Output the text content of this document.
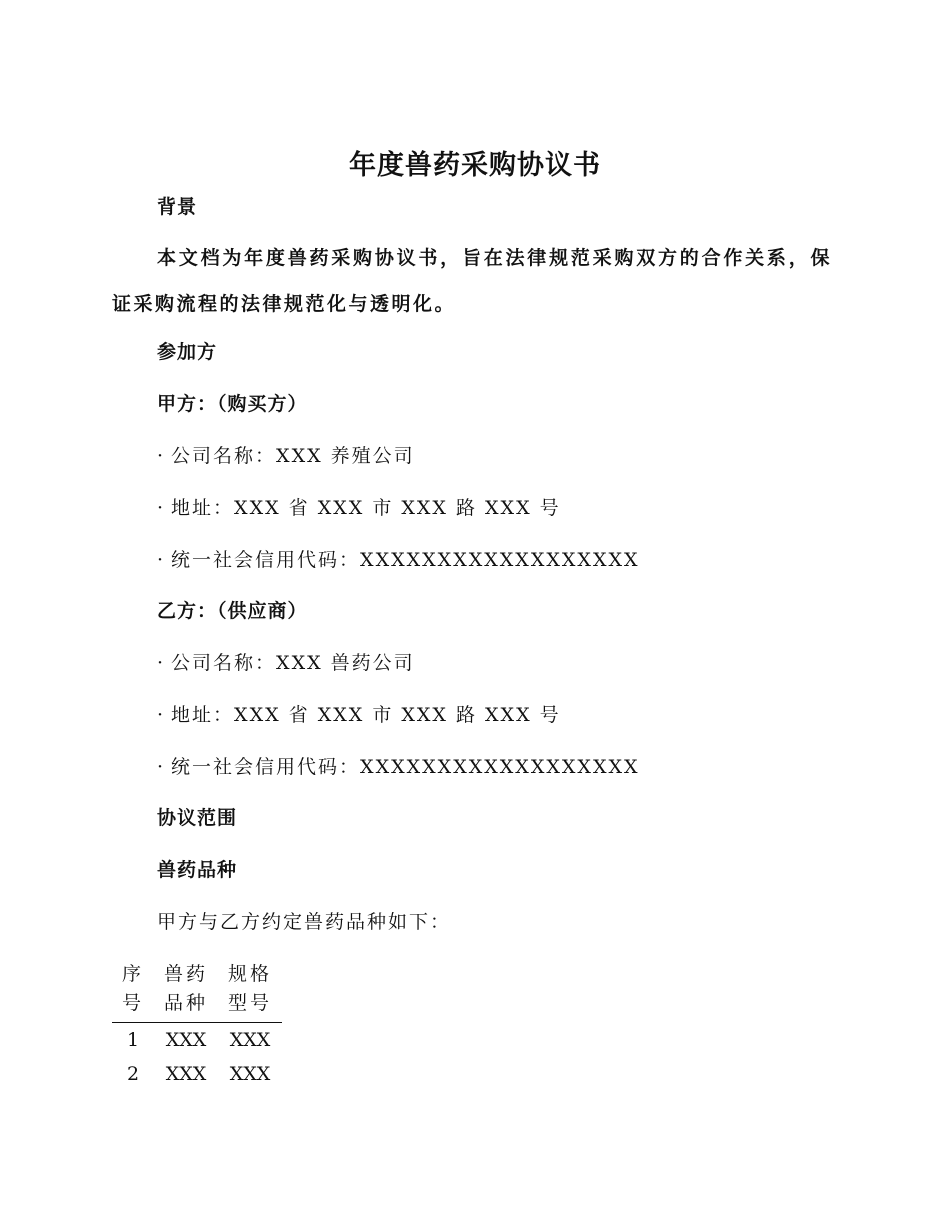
年度兽药采购协议书
背景
本文档为年度兽药采购协议书，旨在法律规范采购双方的合作关系，保证采购流程的法律规范化与透明化。
参加方
甲方：（购买方）
· 公司名称：XXX 养殖公司
· 地址：XXX 省 XXX 市 XXX 路 XXX 号
· 统一社会信用代码：XXXXXXXXXXXXXXXXXX
乙方：（供应商）
· 公司名称：XXX 兽药公司
· 地址：XXX 省 XXX 市 XXX 路 XXX 号
· 统一社会信用代码：XXXXXXXXXXXXXXXXXX
协议范围
兽药品种
甲方与乙方约定兽药品种如下：
序号	兽药品种	规格型号

1	XXX	XXX
2	XXX	XXX
